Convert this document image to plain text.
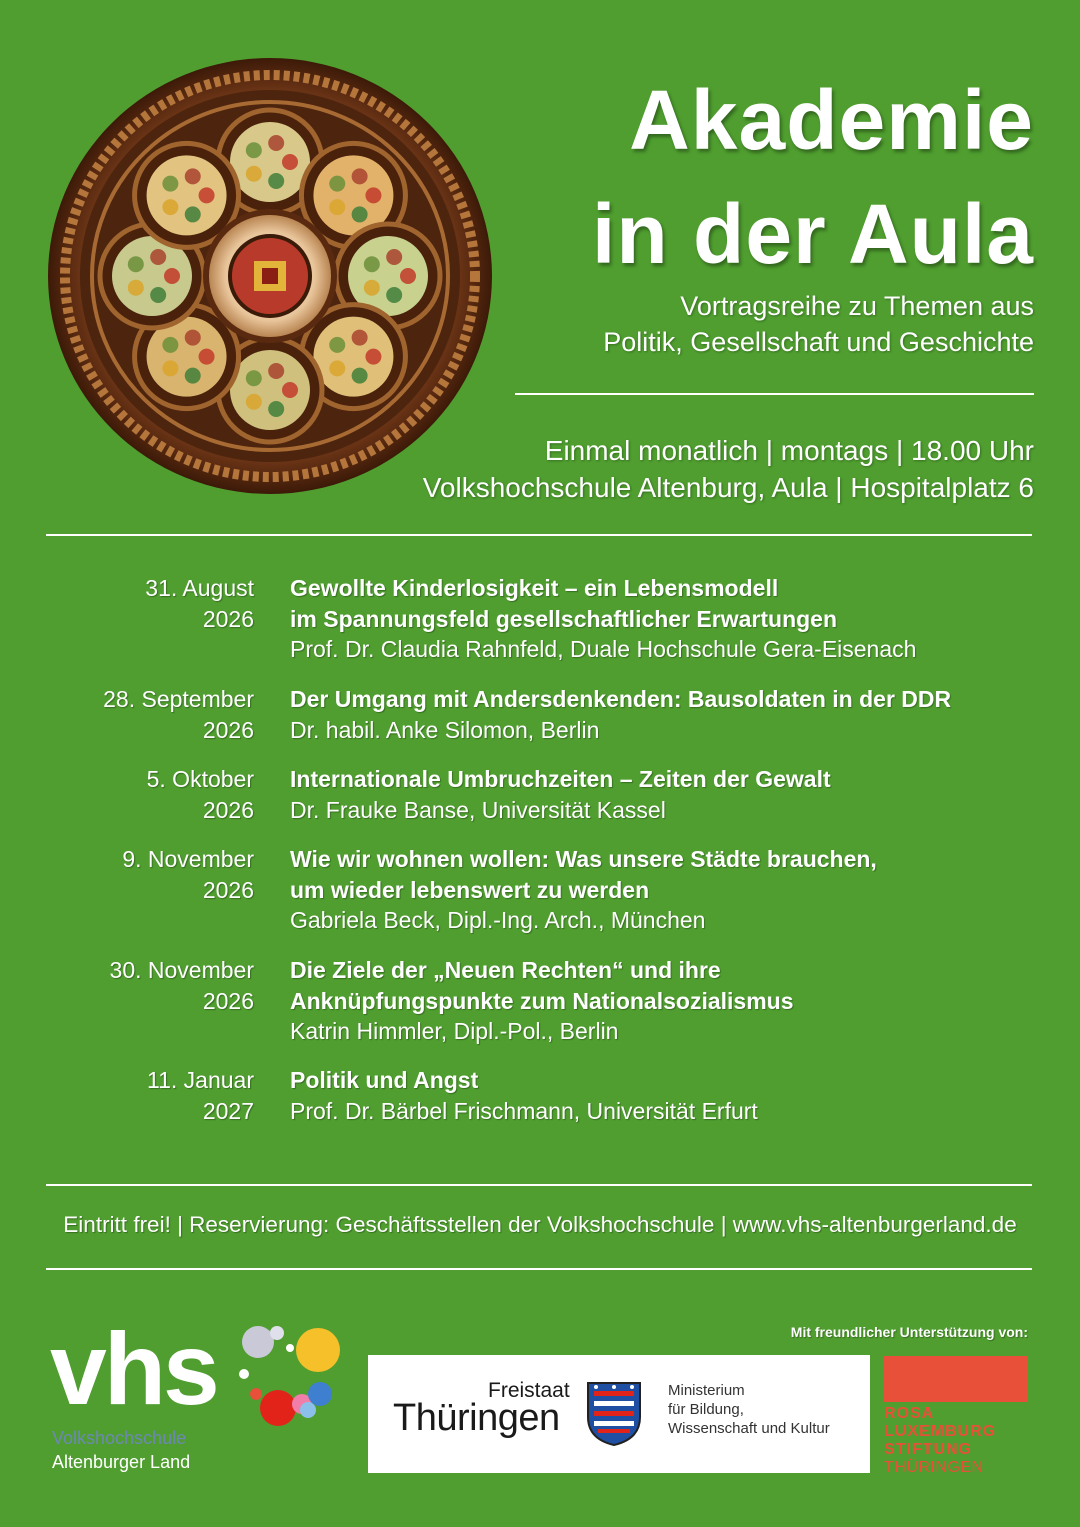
Akademie
in der Aula
Vortragsreihe zu Themen aus
Politik, Gesellschaft und Geschichte
Einmal monatlich | montags | 18.00 Uhr
Volkshochschule Altenburg, Aula | Hospitalplatz 6
31. August
2026
Gewollte Kinderlosigkeit – ein Lebensmodell
im Spannungsfeld gesellschaftlicher Erwartungen
Prof. Dr. Claudia Rahnfeld, Duale Hochschule Gera-Eisenach
28. September
2026
Der Umgang mit Andersdenkenden: Bausoldaten in der DDR
Dr. habil. Anke Silomon, Berlin
5. Oktober
2026
Internationale Umbruchzeiten – Zeiten der Gewalt
Dr. Frauke Banse, Universität Kassel
9. November
2026
Wie wir wohnen wollen: Was unsere Städte brauchen,
um wieder lebenswert zu werden
Gabriela Beck, Dipl.-Ing. Arch., München
30. November
2026
Die Ziele der „Neuen Rechten“ und ihre
Anknüpfungspunkte zum Nationalsozialismus
Katrin Himmler, Dipl.-Pol., Berlin
11. Januar
2027
Politik und Angst
Prof. Dr. Bärbel Frischmann, Universität Erfurt
Eintritt frei! | Reservierung: Geschäftsstellen der Volkshochschule | www.vhs-altenburgerland.de
vhs
Volkshochschule
Altenburger Land
Mit freundlicher Unterstützung von:
Freistaat
Thüringen
Ministerium
für Bildung,
Wissenschaft und Kultur
ROSA
LUXEMBURG
STIFTUNG
THÜRINGEN
